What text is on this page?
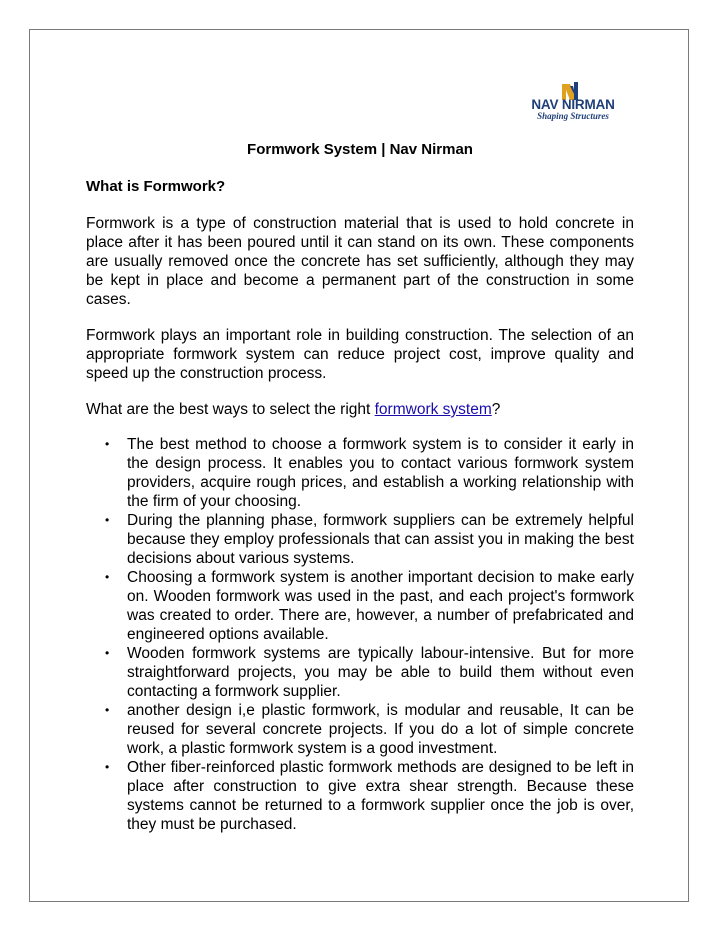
NAV NIRMAN
Shaping Structures
Formwork System | Nav Nirman
What is Formwork?

Formwork is a type of construction material that is used to hold concrete in place after it has been poured until it can stand on its own. These components are usually removed once the concrete has set sufficiently, although they may be kept in place and become a permanent part of the construction in some cases.

Formwork plays an important role in building construction. The selection of an appropriate formwork system can reduce project cost, improve quality and speed up the construction process.

What are the best ways to select the right formwork system?

• The best method to choose a formwork system is to consider it early in the design process. It enables you to contact various formwork system providers, acquire rough prices, and establish a working relationship with the firm of your choosing.
• During the planning phase, formwork suppliers can be extremely helpful because they employ professionals that can assist you in making the best decisions about various systems.
• Choosing a formwork system is another important decision to make early on. Wooden formwork was used in the past, and each project's formwork was created to order. There are, however, a number of prefabricated and engineered options available.
• Wooden formwork systems are typically labour-intensive. But for more straightforward projects, you may be able to build them without even contacting a formwork supplier.
• another design i,e plastic formwork, is modular and reusable, It can be reused for several concrete projects. If you do a lot of simple concrete work, a plastic formwork system is a good investment.
• Other fiber-reinforced plastic formwork methods are designed to be left in place after construction to give extra shear strength. Because these systems cannot be returned to a formwork supplier once the job is over, they must be purchased.
